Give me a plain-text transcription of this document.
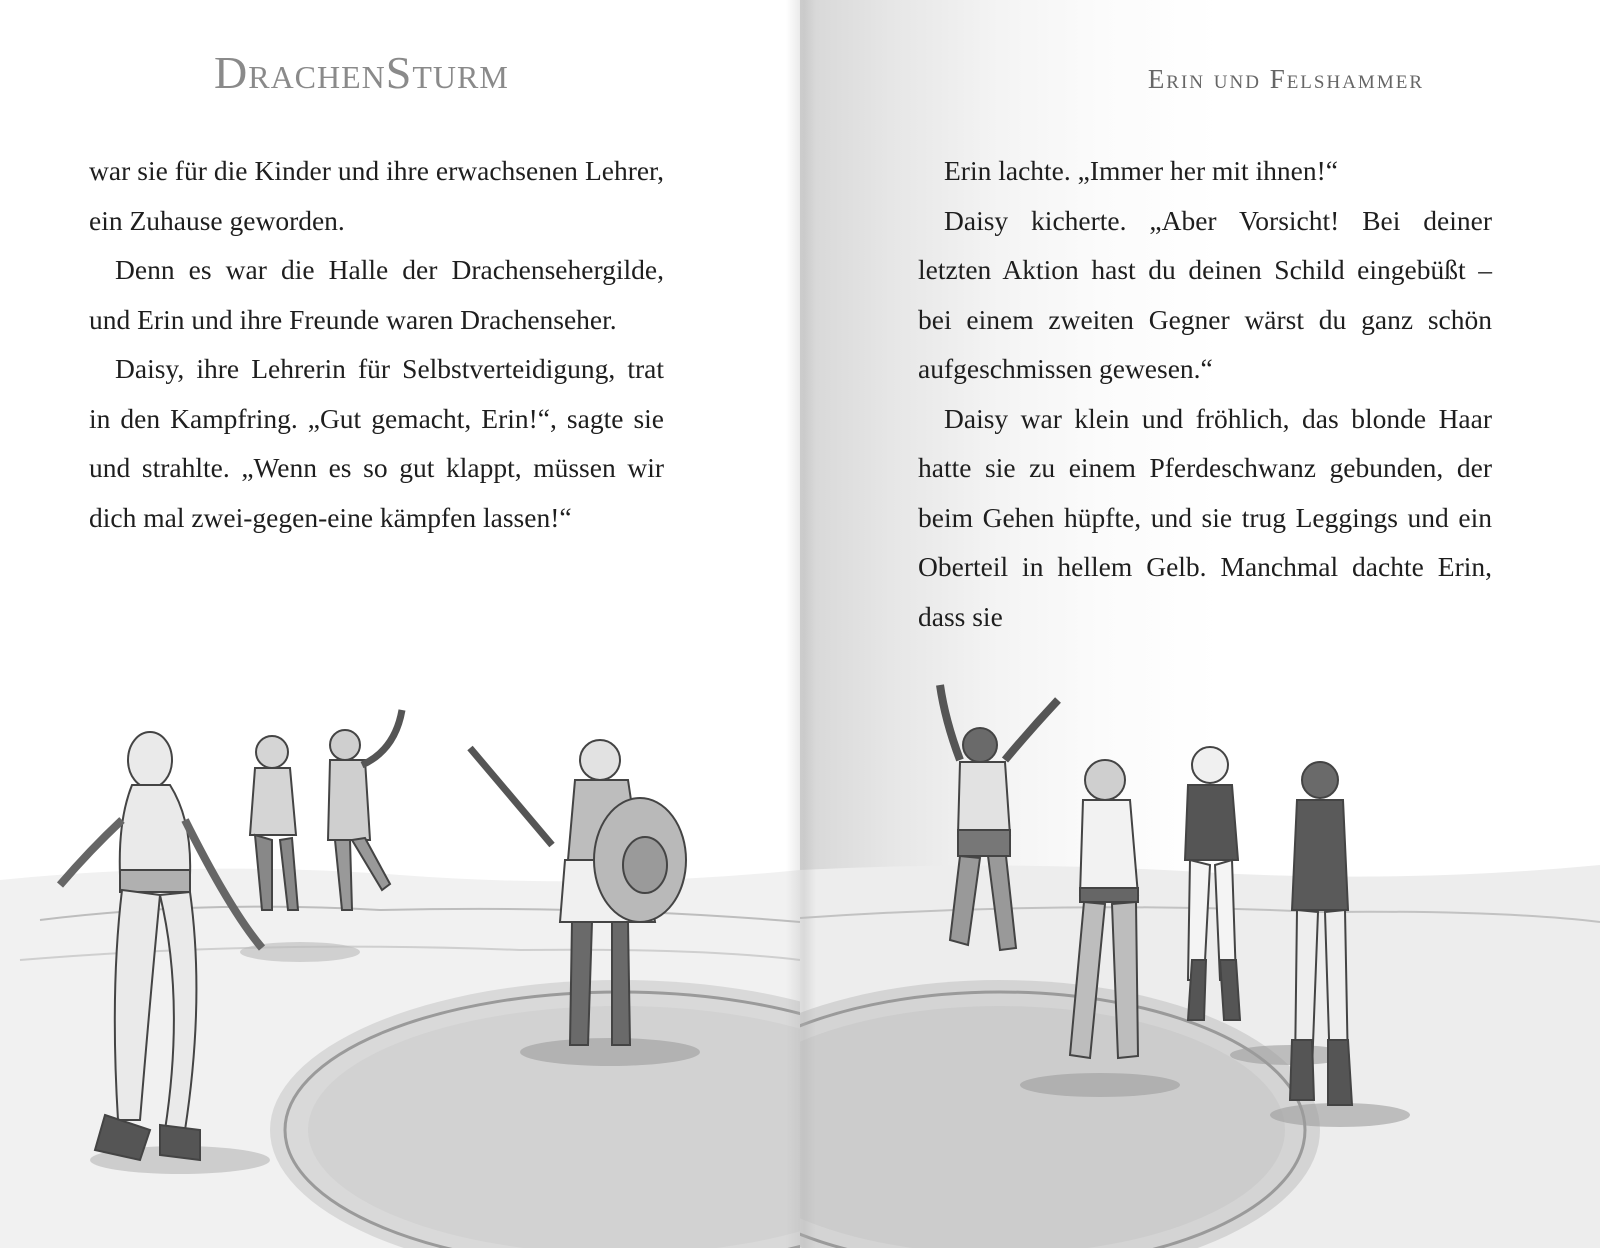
DrachenSturm

war sie für die Kinder und ihre erwachsenen Lehrer, ein Zuhause geworden.

Denn es war die Halle der Drachensehergilde, und Erin und ihre Freunde waren Drachenseher.

Daisy, ihre Lehrerin für Selbstverteidigung, trat in den Kampfring. „Gut gemacht, Erin!“, sagte sie und strahlte. „Wenn es so gut klappt, müssen wir dich mal zwei-gegen-eine kämpfen lassen!“

Erin und Felshammer

Erin lachte. „Immer her mit ihnen!“

Daisy kicherte. „Aber Vorsicht! Bei deiner letzten Aktion hast du deinen Schild eingebüßt – bei einem zweiten Gegner wärst du ganz schön aufgeschmissen gewesen.“

Daisy war klein und fröhlich, das blonde Haar hatte sie zu einem Pferdeschwanz gebunden, der beim Gehen hüpfte, und sie trug Leggings und ein Oberteil in hellem Gelb. Manchmal dachte Erin, dass sie
